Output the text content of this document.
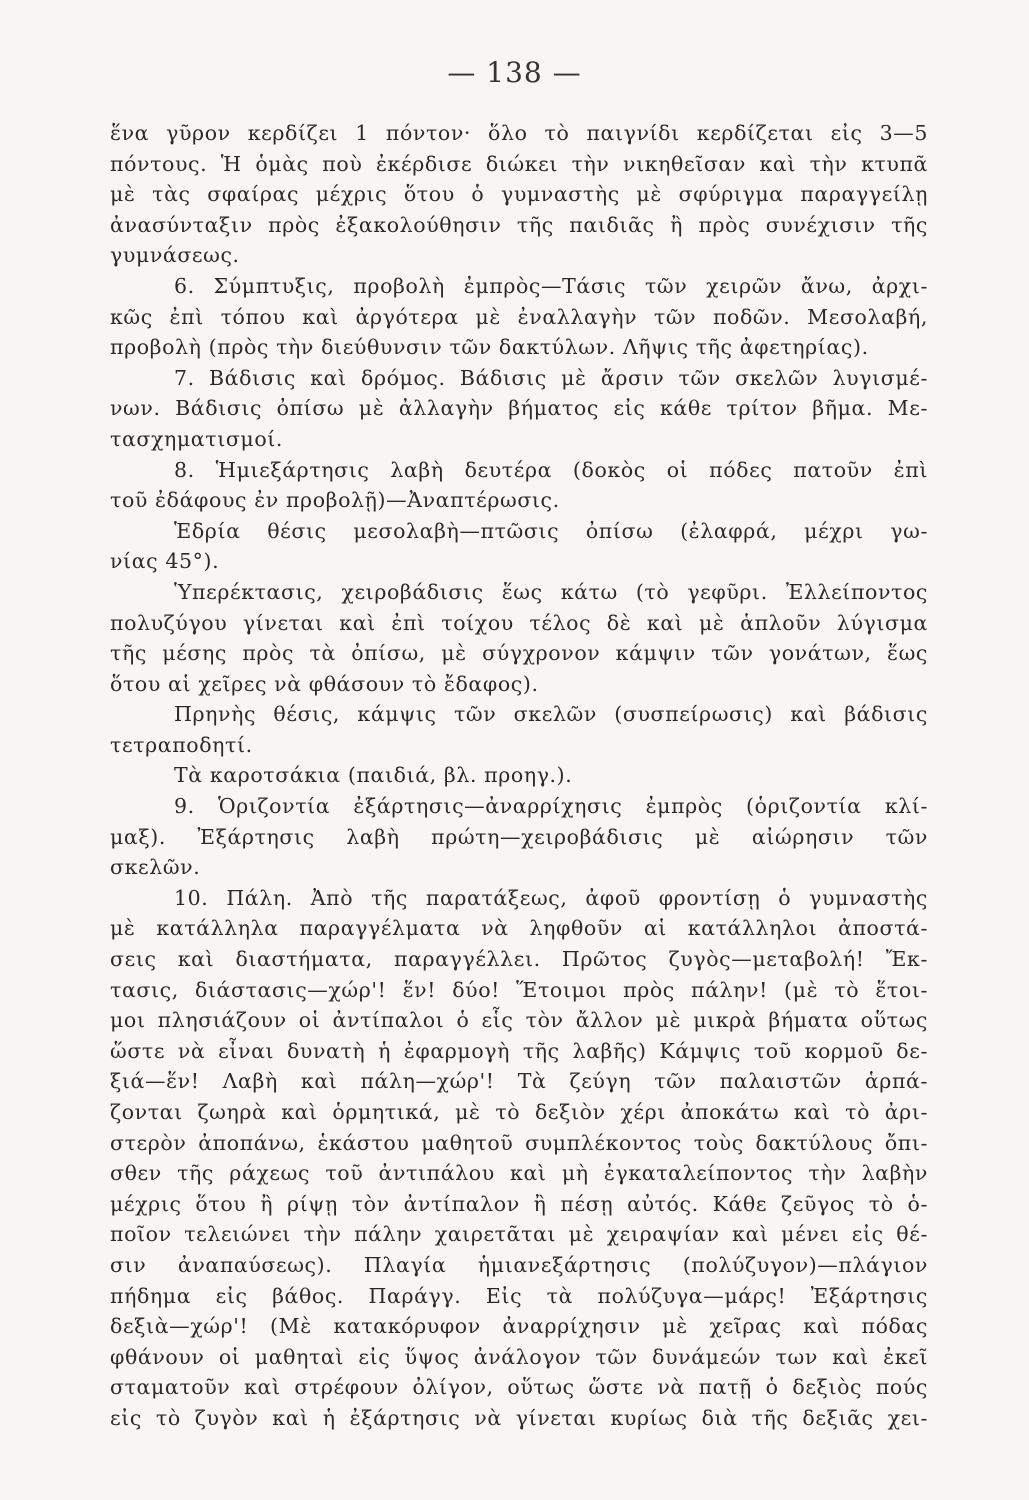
— 138 —
ἕνα γῦρον κερδίζει 1 πόντον· ὅλο τὸ παιγνίδι κερδίζεται εἰς 3—5
πόντους. Ἡ ὁμὰς ποὺ ἐκέρδισε διώκει τὴν νικηθεῖσαν καὶ τὴν κτυπᾶ
μὲ τὰς σφαίρας μέχρις ὅτου ὁ γυμναστὴς μὲ σφύριγμα παραγγείλῃ
ἀνασύνταξιν πρὸς ἐξακολούθησιν τῆς παιδιᾶς ἢ πρὸς συνέχισιν τῆς
γυμνάσεως.
6. Σύμπτυξις, προβολὴ ἐμπρὸς—Τάσις τῶν χειρῶν ἄνω, ἀρχι-
κῶς ἐπὶ τόπου καὶ ἀργότερα μὲ ἐναλλαγὴν τῶν ποδῶν. Μεσολαβή,
προβολὴ (πρὸς τὴν διεύθυνσιν τῶν δακτύλων. Λῆψις τῆς ἀφετηρίας).
7. Βάδισις καὶ δρόμος. Βάδισις μὲ ἄρσιν τῶν σκελῶν λυγισμέ-
νων. Βάδισις ὀπίσω μὲ ἀλλαγὴν βήματος εἰς κάθε τρίτον βῆμα. Με-
τασχηματισμοί.
8. Ἡμιεξάρτησις λαβὴ δευτέρα (δοκὸς οἱ πόδες πατοῦν ἐπὶ
τοῦ ἐδάφους ἐν προβολῇ)—Ἀναπτέρωσις.
Ἑδρία θέσις μεσολαβὴ—πτῶσις ὀπίσω (ἐλαφρά, μέχρι γω-
νίας 45°).
Ὑπερέκτασις, χειροβάδισις ἕως κάτω (τὸ γεφῦρι. Ἐλλείποντος
πολυζύγου γίνεται καὶ ἐπὶ τοίχου τέλος δὲ καὶ μὲ ἁπλοῦν λύγισμα
τῆς μέσης πρὸς τὰ ὀπίσω, μὲ σύγχρονον κάμψιν τῶν γονάτων, ἕως
ὅτου αἱ χεῖρες νὰ φθάσουν τὸ ἔδαφος).
Πρηνὴς θέσις, κάμψις τῶν σκελῶν (συσπείρωσις) καὶ βάδισις
τετραποδητί.
Τὰ καροτσάκια (παιδιά, βλ. προηγ.).
9. Ὁριζοντία ἐξάρτησις—ἀναρρίχησις ἐμπρὸς (ὁριζοντία κλί-
μαξ). Ἐξάρτησις λαβὴ πρώτη—χειροβάδισις μὲ αἰώρησιν τῶν
σκελῶν.
10. Πάλη. Ἀπὸ τῆς παρατάξεως, ἀφοῦ φροντίσῃ ὁ γυμναστὴς
μὲ κατάλληλα παραγγέλματα νὰ ληφθοῦν αἱ κατάλληλοι ἀποστά-
σεις καὶ διαστήματα, παραγγέλλει. Πρῶτος ζυγὸς—μεταβολή! Ἔκ-
τασις, διάστασις—χώρ'! ἕν! δύο! Ἕτοιμοι πρὸς πάλην! (μὲ τὸ ἕτοι-
μοι πλησιάζουν οἱ ἀντίπαλοι ὁ εἷς τὸν ἄλλον μὲ μικρὰ βήματα οὕτως
ὥστε νὰ εἶναι δυνατὴ ἡ ἐφαρμογὴ τῆς λαβῆς) Κάμψις τοῦ κορμοῦ δε-
ξιά—ἕν! Λαβὴ καὶ πάλη—χώρ'! Τὰ ζεύγη τῶν παλαιστῶν ἁρπά-
ζονται ζωηρὰ καὶ ὁρμητικά, μὲ τὸ δεξιὸν χέρι ἀποκάτω καὶ τὸ ἀρι-
στερὸν ἀποπάνω, ἑκάστου μαθητοῦ συμπλέκοντος τοὺς δακτύλους ὄπι-
σθεν τῆς ράχεως τοῦ ἀντιπάλου καὶ μὴ ἐγκαταλείποντος τὴν λαβὴν
μέχρις ὅτου ἢ ρίψῃ τὸν ἀντίπαλον ἢ πέσῃ αὐτός. Κάθε ζεῦγος τὸ ὁ-
ποῖον τελειώνει τὴν πάλην χαιρετᾶται μὲ χειραψίαν καὶ μένει εἰς θέ-
σιν ἀναπαύσεως). Πλαγία ἡμιανεξάρτησις (πολύζυγον)—πλάγιον
πήδημα εἰς βάθος. Παράγγ. Εἰς τὰ πολύζυγα—μάρς! Ἐξάρτησις
δεξιὰ—χώρ'! (Μὲ κατακόρυφον ἀναρρίχησιν μὲ χεῖρας καὶ πόδας
φθάνουν οἱ μαθηταὶ εἰς ὕψος ἀνάλογον τῶν δυνάμεών των καὶ ἐκεῖ
σταματοῦν καὶ στρέφουν ὀλίγον, οὕτως ὥστε νὰ πατῇ ὁ δεξιὸς πούς
εἰς τὸ ζυγὸν καὶ ἡ ἐξάρτησις νὰ γίνεται κυρίως διὰ τῆς δεξιᾶς χει-
